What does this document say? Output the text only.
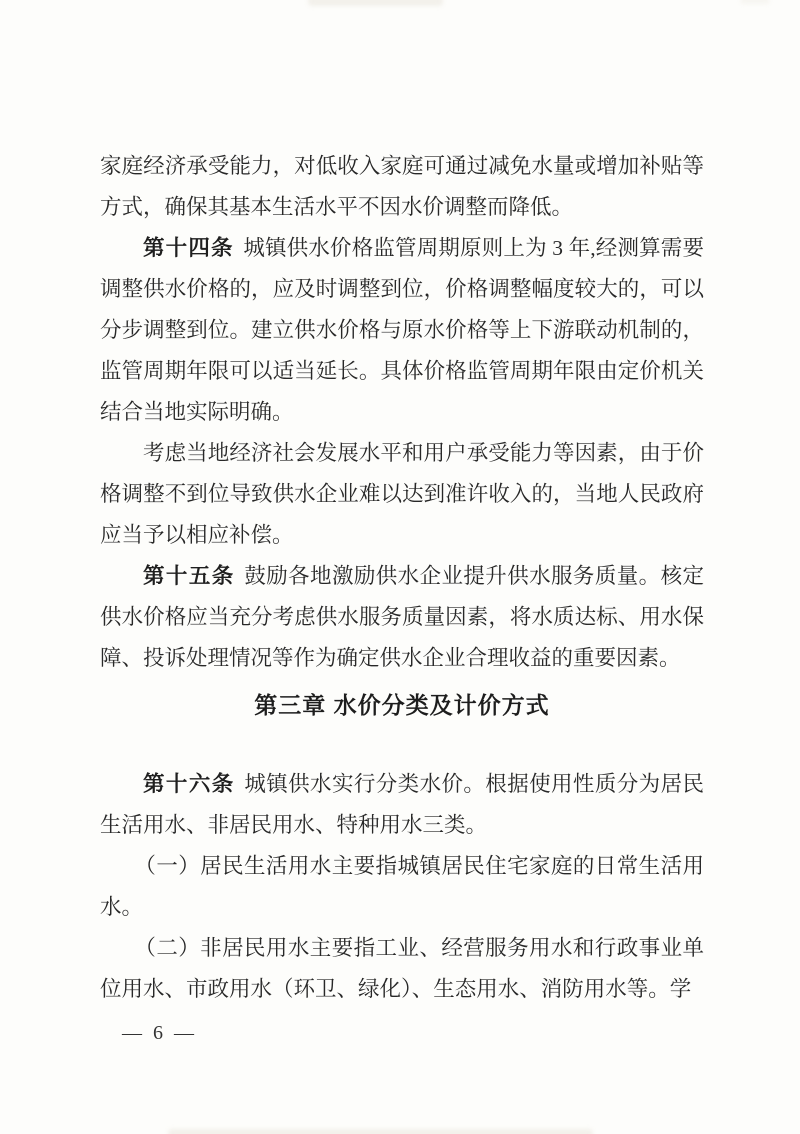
家庭经济承受能力，对低收入家庭可通过减免水量或增加补贴等方式，确保其基本生活水平不因水价调整而降低。

第十四条 城镇供水价格监管周期原则上为 3 年,经测算需要调整供水价格的，应及时调整到位，价格调整幅度较大的，可以分步调整到位。建立供水价格与原水价格等上下游联动机制的，监管周期年限可以适当延长。具体价格监管周期年限由定价机关结合当地实际明确。

考虑当地经济社会发展水平和用户承受能力等因素，由于价格调整不到位导致供水企业难以达到准许收入的，当地人民政府应当予以相应补偿。

第十五条 鼓励各地激励供水企业提升供水服务质量。核定供水价格应当充分考虑供水服务质量因素，将水质达标、用水保障、投诉处理情况等作为确定供水企业合理收益的重要因素。

第三章 水价分类及计价方式

第十六条 城镇供水实行分类水价。根据使用性质分为居民生活用水、非居民用水、特种用水三类。

（一）居民生活用水主要指城镇居民住宅家庭的日常生活用水。

（二）非居民用水主要指工业、经营服务用水和行政事业单位用水、市政用水（环卫、绿化）、生态用水、消防用水等。学

— 6 —
